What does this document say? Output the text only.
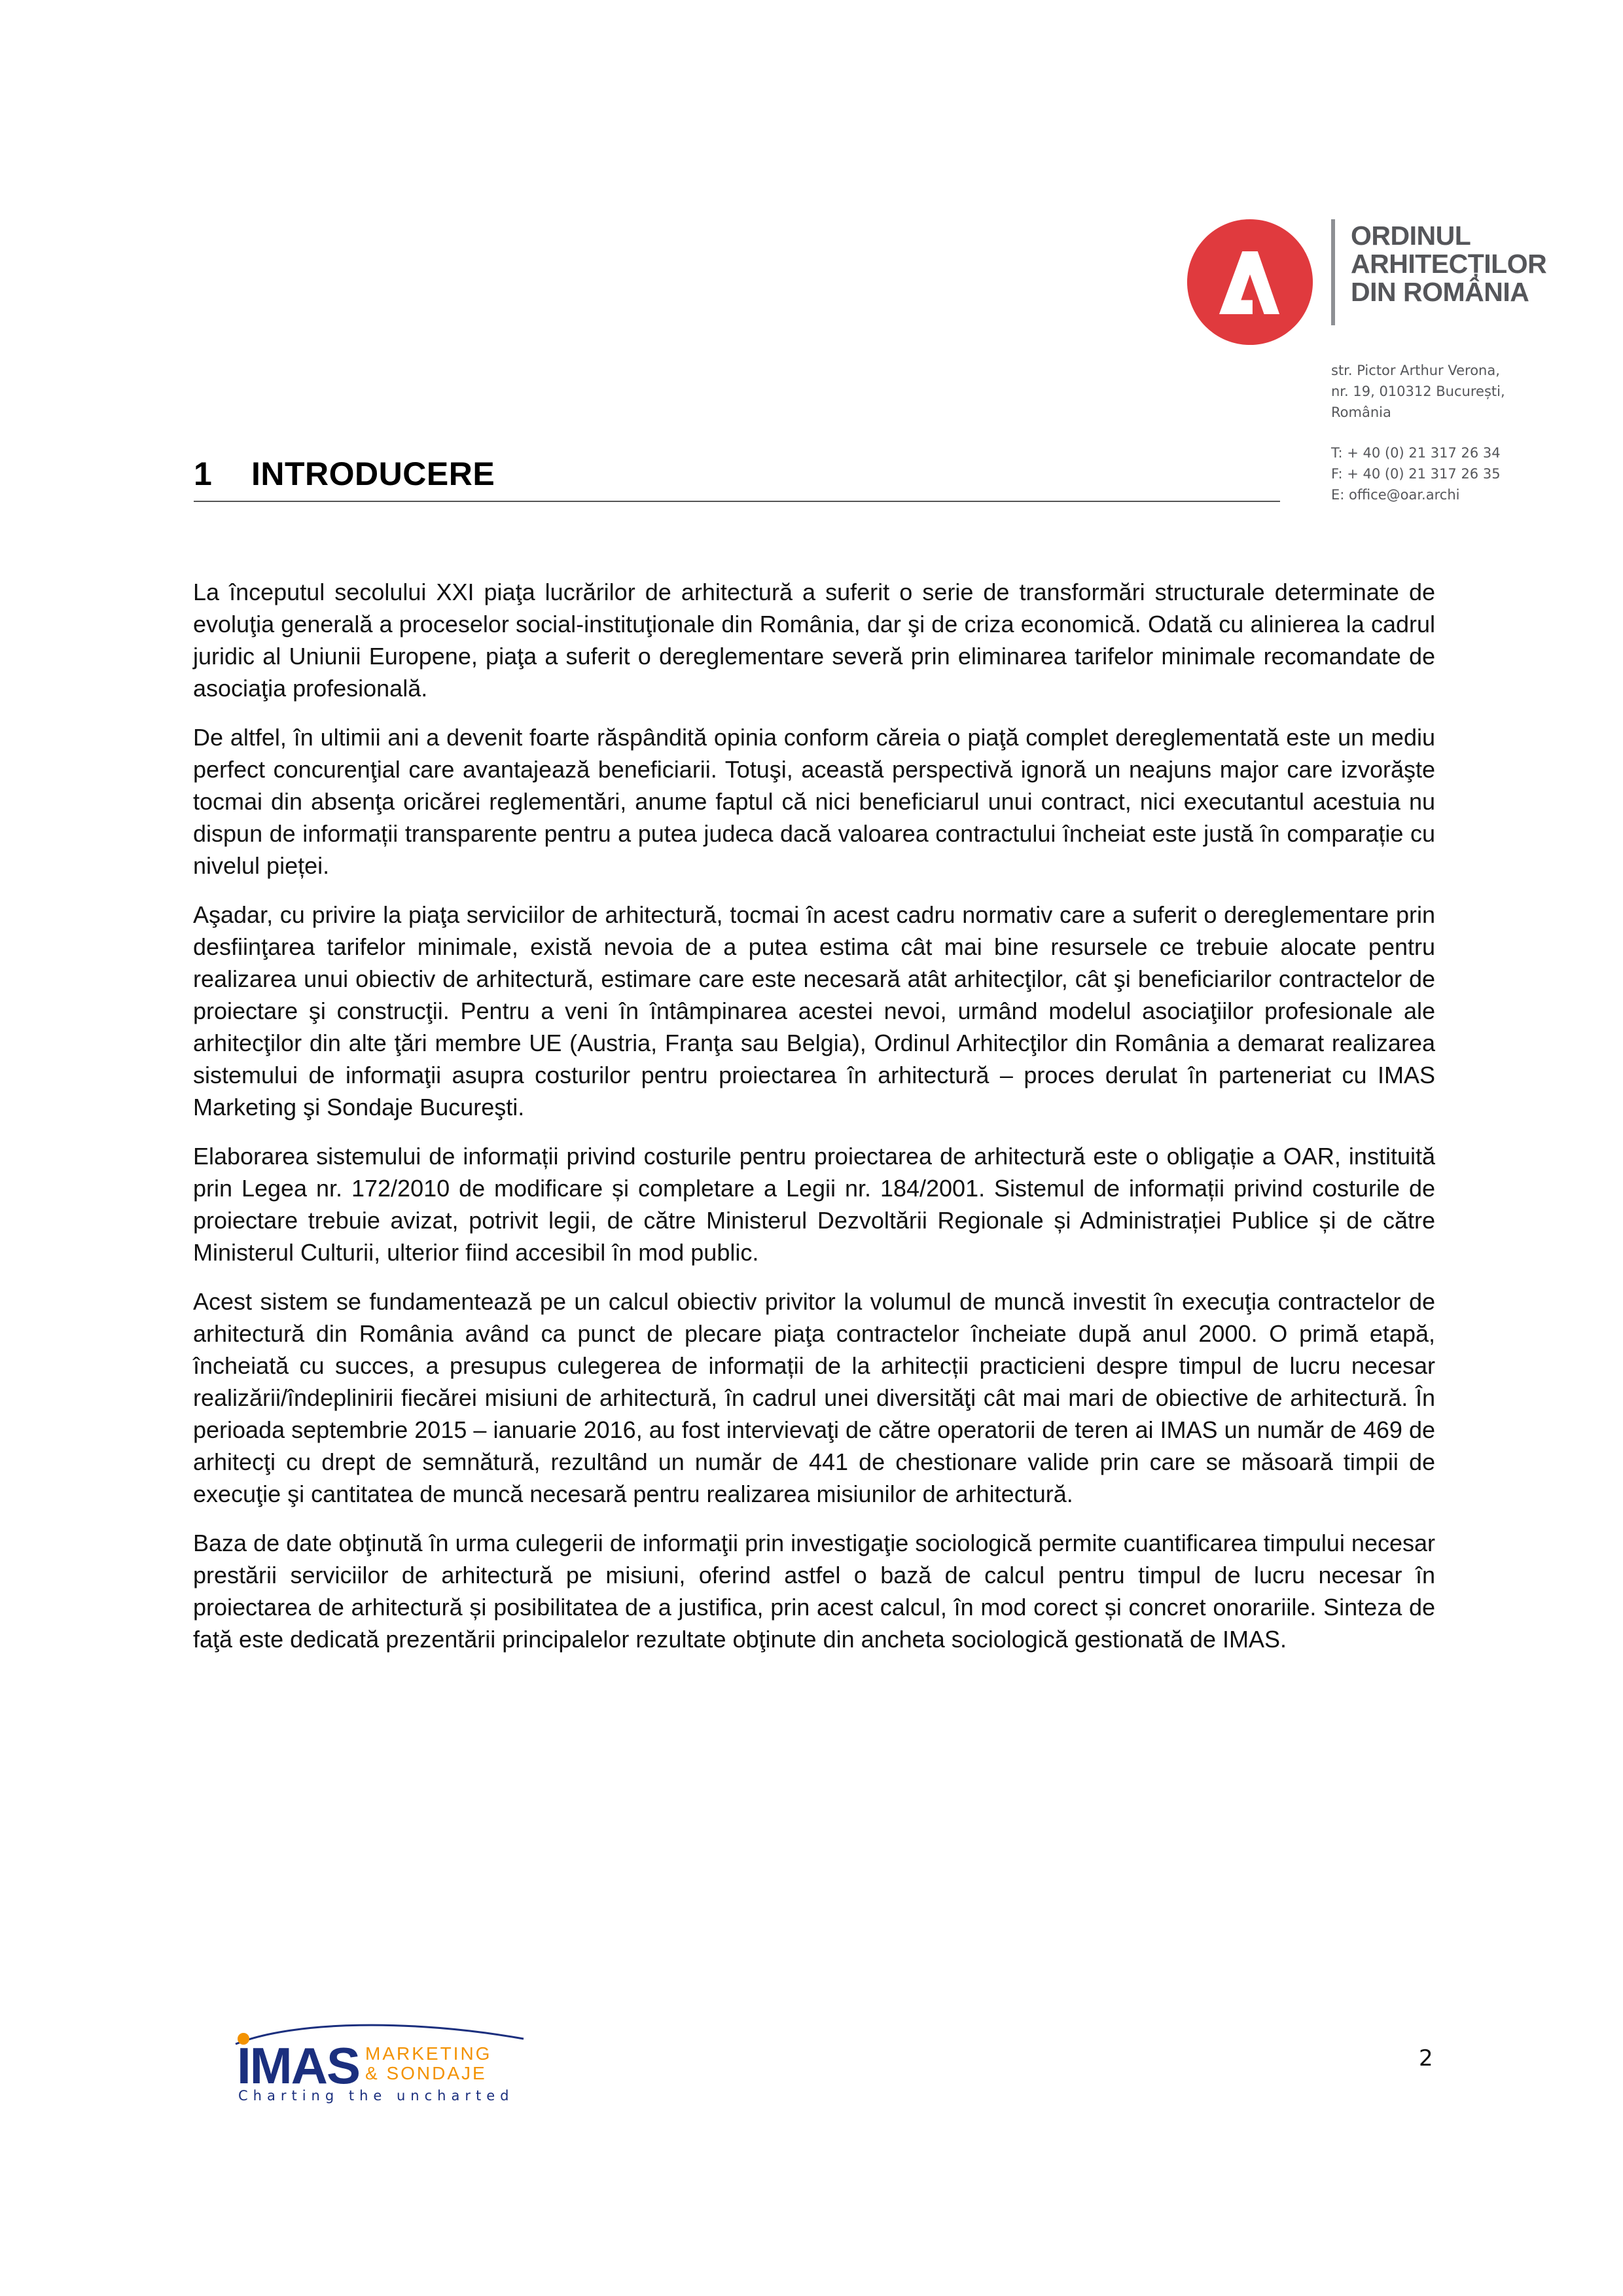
ORDINUL
ARHITECȚILOR
DIN ROMÂNIA
str. Pictor Arthur Verona,
nr. 19, 010312 București,
România
T: + 40 (0) 21 317 26 34
F: + 40 (0) 21 317 26 35
E: office@oar.archi
1 INTRODUCERE

La începutul secolului XXI piaţa lucrărilor de arhitectură a suferit o serie de transformări structurale determinate de evoluţia generală a proceselor social-instituţionale din România, dar şi de criza economică. Odată cu alinierea la cadrul juridic al Uniunii Europene, piaţa a suferit o dereglementare severă prin eliminarea tarifelor minimale recomandate de asociaţia profesională.

De altfel, în ultimii ani a devenit foarte răspândită opinia conform căreia o piaţă complet dereglementată este un mediu perfect concurenţial care avantajează beneficiarii. Totuşi, această perspectivă ignoră un neajuns major care izvorăşte tocmai din absenţa oricărei reglementări, anume faptul că nici beneficiarul unui contract, nici executantul acestuia nu dispun de informații transparente pentru a putea judeca dacă valoarea contractului încheiat este justă în comparație cu nivelul pieței.

Aşadar, cu privire la piaţa serviciilor de arhitectură, tocmai în acest cadru normativ care a suferit o dereglementare prin desfiinţarea tarifelor minimale, există nevoia de a putea estima cât mai bine resursele ce trebuie alocate pentru realizarea unui obiectiv de arhitectură, estimare care este necesară atât arhitecţilor, cât şi beneficiarilor contractelor de proiectare şi construcţii. Pentru a veni în întâmpinarea acestei nevoi, urmând modelul asociaţiilor profesionale ale arhitecţilor din alte ţări membre UE (Austria, Franţa sau Belgia), Ordinul Arhitecţilor din România a demarat realizarea sistemului de informaţii asupra costurilor pentru proiectarea în arhitectură – proces derulat în parteneriat cu IMAS Marketing şi Sondaje Bucureşti.

Elaborarea sistemului de informații privind costurile pentru proiectarea de arhitectură este o obligație a OAR, instituită prin Legea nr. 172/2010 de modificare și completare a Legii nr. 184/2001. Sistemul de informații privind costurile de proiectare trebuie avizat, potrivit legii, de către Ministerul Dezvoltării Regionale și Administrației Publice și de către Ministerul Culturii, ulterior fiind accesibil în mod public.

Acest sistem se fundamentează pe un calcul obiectiv privitor la volumul de muncă investit în execuţia contractelor de arhitectură din România având ca punct de plecare piaţa contractelor încheiate după anul 2000. O primă etapă, încheiată cu succes, a presupus culegerea de informații de la arhitecții practicieni despre timpul de lucru necesar realizării/îndeplinirii fiecărei misiuni de arhitectură, în cadrul unei diversităţi cât mai mari de obiective de arhitectură. În perioada septembrie 2015 – ianuarie 2016, au fost intervievaţi de către operatorii de teren ai IMAS un număr de 469 de arhitecţi cu drept de semnătură, rezultând un număr de 441 de chestionare valide prin care se măsoară timpii de execuţie şi cantitatea de muncă necesară pentru realizarea misiunilor de arhitectură.

Baza de date obţinută în urma culegerii de informaţii prin investigaţie sociologică permite cuantificarea timpului necesar prestării serviciilor de arhitectură pe misiuni, oferind astfel o bază de calcul pentru timpul de lucru necesar în proiectarea de arhitectură și posibilitatea de a justifica, prin acest calcul, în mod corect și concret onorariile. Sinteza de faţă este dedicată prezentării principalelor rezultate obţinute din ancheta sociologică gestionată de IMAS.

IMAS MARKETING
& SONDAJE
Charting the uncharted
2
